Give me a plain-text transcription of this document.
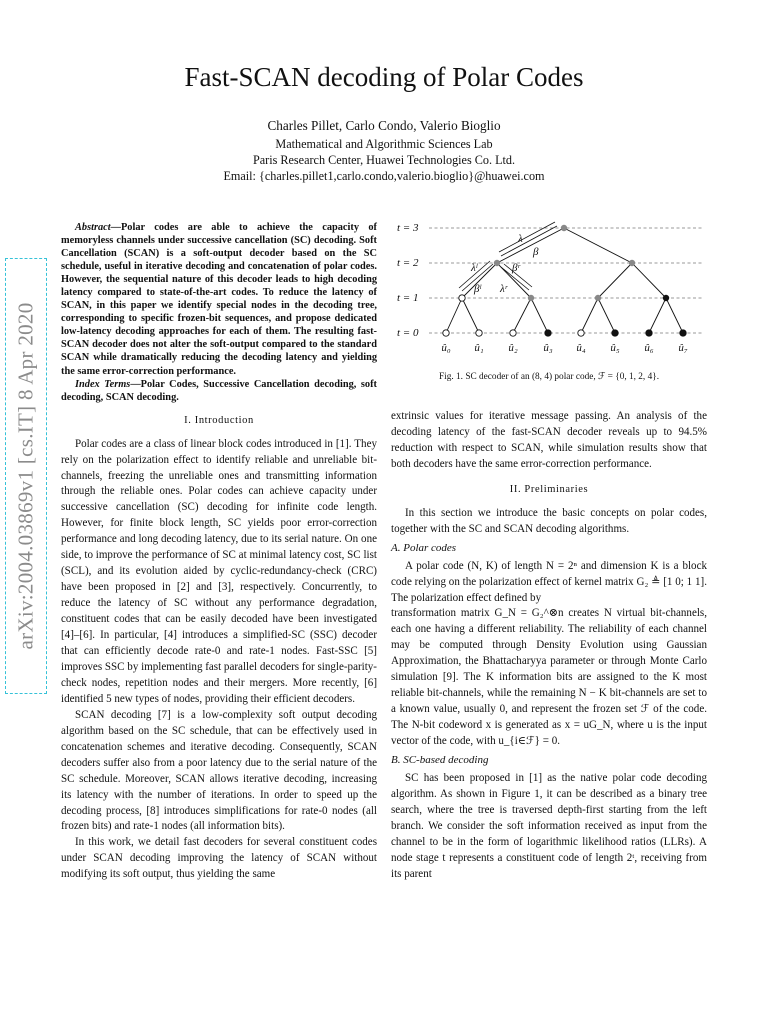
Fast-SCAN decoding of Polar Codes
Charles Pillet, Carlo Condo, Valerio Bioglio
Mathematical and Algorithmic Sciences Lab
Paris Research Center, Huawei Technologies Co. Ltd.
Email: {charles.pillet1,carlo.condo,valerio.bioglio}@huawei.com
arXiv:2004.03869v1 [cs.IT] 8 Apr 2020

Abstract—Polar codes are able to achieve the capacity of memoryless channels under successive cancellation (SC) decoding. Soft Cancellation (SCAN) is a soft-output decoder based on the SC schedule, useful in iterative decoding and concatenation of polar codes. However, the sequential nature of this decoder leads to high decoding latency compared to state-of-the-art codes. To reduce the latency of SCAN, in this paper we identify special nodes in the decoding tree, corresponding to specific frozen-bit sequences, and propose dedicated low-latency decoding approaches for each of them. The resulting fast-SCAN decoder does not alter the soft-output compared to the standard SCAN while dramatically reducing the decoding latency and yielding the same error-correction performance.

Index Terms—Polar Codes, Successive Cancellation decoding, soft decoding, SCAN decoding.

I. Introduction

Polar codes are a class of linear block codes introduced in [1]. They rely on the polarization effect to identify reliable and unreliable bit-channels, freezing the unreliable ones and transmitting information through the reliable ones. Polar codes can achieve capacity under successive cancellation (SC) decoding for infinite code length. However, for finite block length, SC yields poor error-correction performance and long decoding latency, due to its serial nature. On one side, to improve the performance of SC at minimal latency cost, SC list (SCL), and its evolution aided by cyclic-redundancy-check (CRC) have been proposed in [2] and [3], respectively. Concurrently, to reduce the latency of SC without any performance degradation, constituent codes that can be easily decoded have been investigated [4]–[6]. In particular, [4] introduces a simplified-SC (SSC) decoder that can efficiently decode rate-0 and rate-1 nodes. Fast-SSC [5] improves SSC by implementing fast parallel decoders for single-parity-check nodes, repetition nodes and their mergers. More recently, [6] identified 5 new types of nodes, providing their efficient decoders.

SCAN decoding [7] is a low-complexity soft output decoding algorithm based on the SC schedule, that can be effectively used in concatenation schemes and iterative decoding. Consequently, SCAN decoders suffer also from a poor latency due to the serial nature of the SC schedule. Moreover, SCAN allows iterative decoding, increasing its latency with the number of iterations. In order to speed up the decoding process, [8] introduces simplifications for rate-0 nodes (all frozen bits) and rate-1 nodes (all information bits).

In this work, we detail fast decoders for several constituent codes under SCAN decoding improving the latency of SCAN without modifying its soft output, thus yielding the same

t = 3
t = 2
t = 1
t = 0
λ
β
λˡ	βʳ
βˡ λʳ
û₀ û₁ û₂ û₃ û₄ û₅ û₆ û₇
Fig. 1. SC decoder of an (8, 4) polar code, ℱ = {0, 1, 2, 4}.

extrinsic values for iterative message passing. An analysis of the decoding latency of the fast-SCAN decoder reveals up to 94.5% reduction with respect to SCAN, while simulation results show that both decoders have the same error-correction performance.

II. Preliminaries

In this section we introduce the basic concepts on polar codes, together with the SC and SCAN decoding algorithms.

A. Polar codes

A polar code (N, K) of length N = 2ⁿ and dimension K is a block code relying on the polarization effect of kernel matrix G₂ ≜ [1 0; 1 1]. The polarization effect defined by

transformation matrix G_N = G₂^⊗n creates N virtual bit-channels, each one having a different reliability. The reliability of each channel may be computed through Density Evolution using Gaussian Approximation, the Bhattacharyya parameter or through Monte Carlo simulation [9]. The K information bits are assigned to the K most reliable bit-channels, while the remaining N − K bit-channels are set to a known value, usually 0, and represent the frozen set ℱ of the code. The N-bit codeword x is generated as x = uG_N, where u is the input vector of the code, with u_{i∈ℱ} = 0.

B. SC-based decoding

SC has been proposed in [1] as the native polar code decoding algorithm. As shown in Figure 1, it can be described as a binary tree search, where the tree is traversed depth-first starting from the left branch. We consider the soft information received as input from the channel to be in the form of logarithmic likelihood ratios (LLRs). A node stage t represents a constituent code of length 2ᵗ, receiving from its parent
